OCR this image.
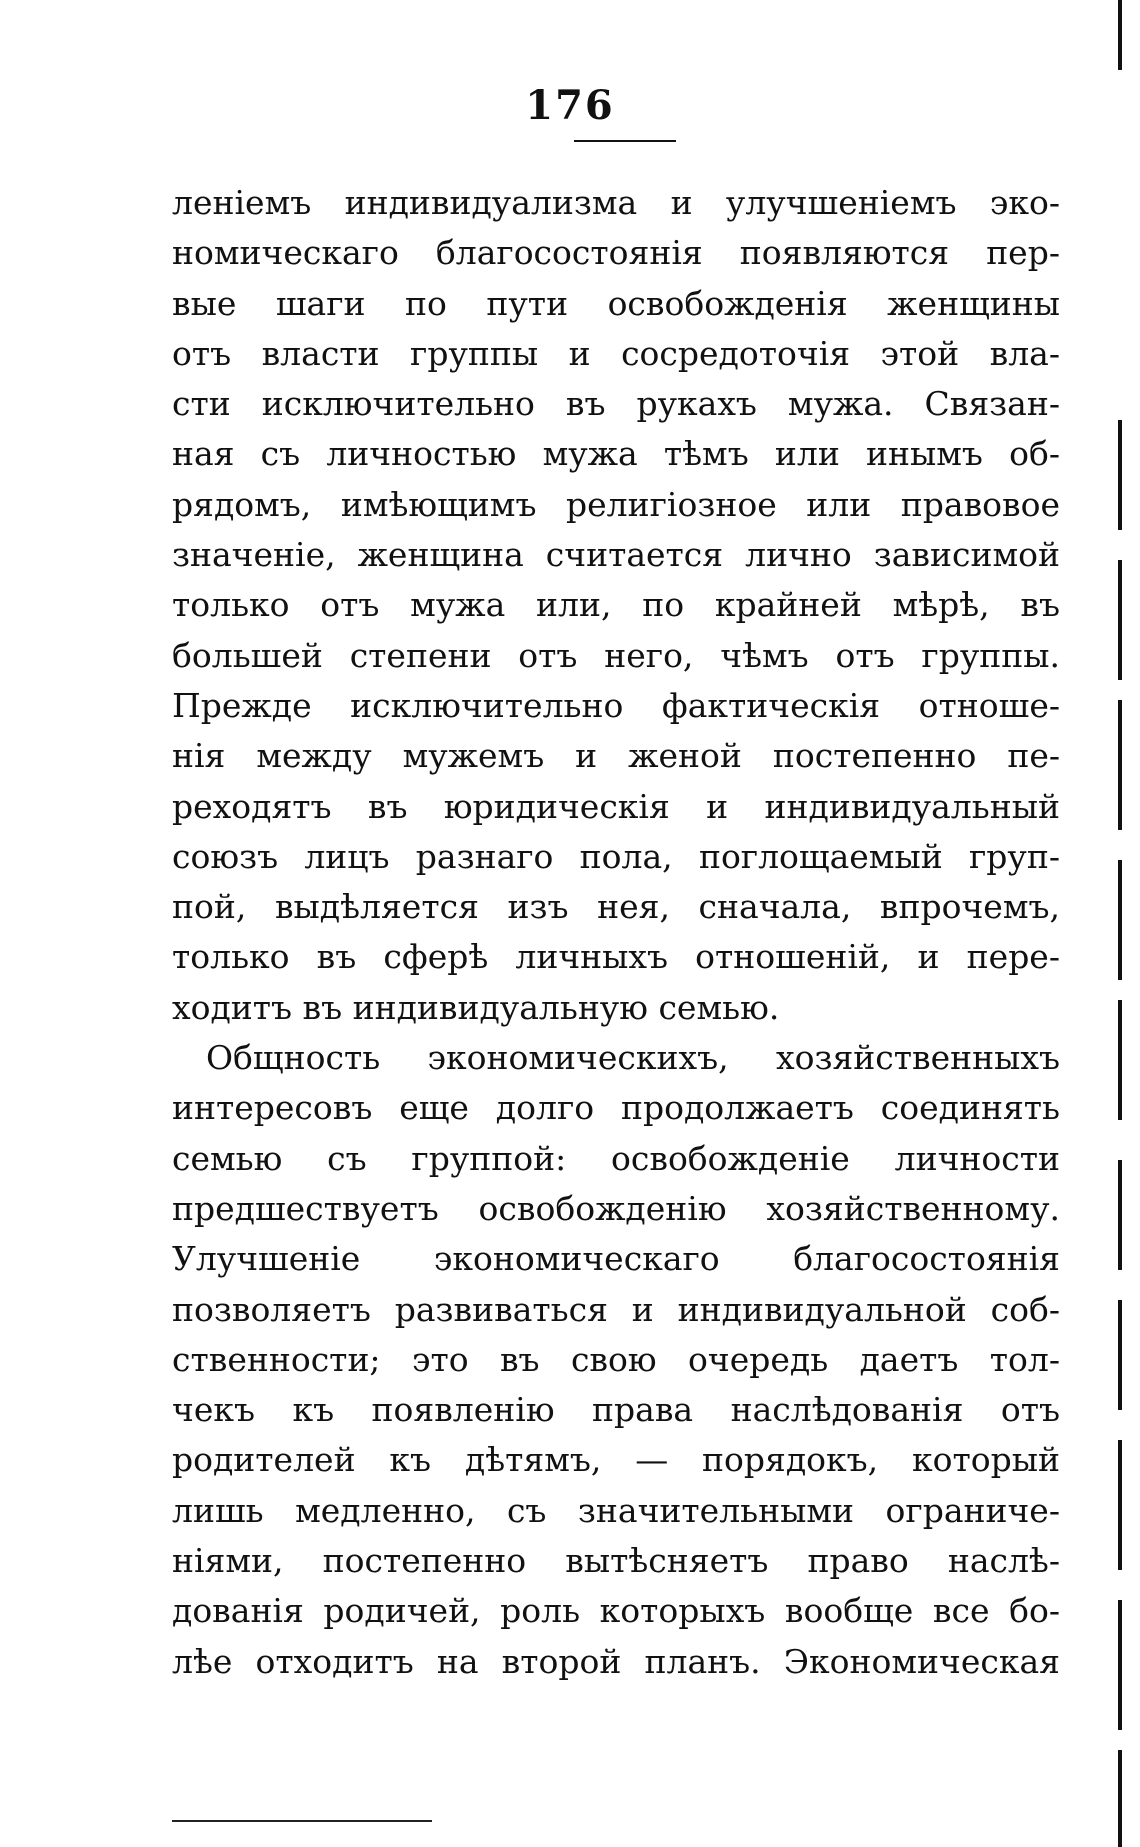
176
леніемъ индивидуализма и улучшеніемъ эко-
номическаго благосостоянія появляются пер-
вые шаги по пути освобожденія женщины
отъ власти группы и сосредоточія этой вла-
сти исключительно въ рукахъ мужа. Связан-
ная съ личностью мужа тѣмъ или инымъ об-
рядомъ, имѣющимъ религіозное или правовое
значеніе, женщина считается лично зависимой
только отъ мужа или, по крайней мѣрѣ, въ
большей степени отъ него, чѣмъ отъ группы.
Прежде исключительно фактическія отноше-
нія между мужемъ и женой постепенно пе-
реходятъ въ юридическія и индивидуальный
союзъ лицъ разнаго пола, поглощаемый груп-
пой, выдѣляется изъ нея, сначала, впрочемъ,
только въ сферѣ личныхъ отношеній, и пере-
ходитъ въ индивидуальную семью.
Общность экономическихъ, хозяйственныхъ
интересовъ еще долго продолжаетъ соединять
семью съ группой: освобожденіе личности
предшествуетъ освобожденію хозяйственному.
Улучшеніе экономическаго благосостоянія
позволяетъ развиваться и индивидуальной соб-
ственности; это въ свою очередь даетъ тол-
чекъ къ появленію права наслѣдованія отъ
родителей къ дѣтямъ, — порядокъ, который
лишь медленно, съ значительными ограниче-
ніями, постепенно вытѣсняетъ право наслѣ-
дованія родичей, роль которыхъ вообще все бо-
лѣе отходитъ на второй планъ. Экономическая
